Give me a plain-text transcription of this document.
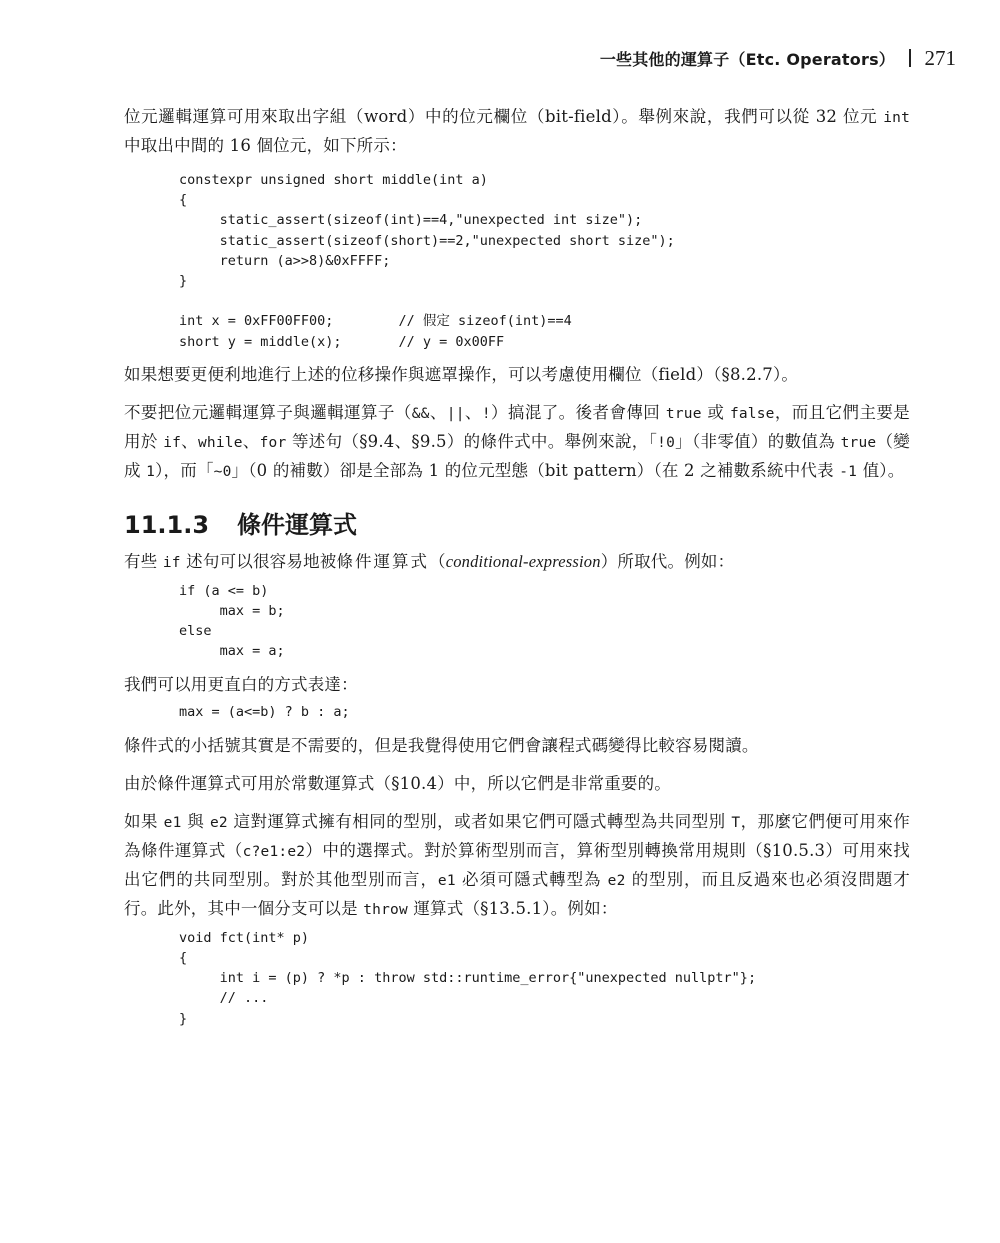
一些其他的運算子（Etc. Operators） 271

位元邏輯運算可用來取出字組（word）中的位元欄位（bit-field）。舉例來說，我們可以從 32 位元 int 中取出中間的 16 個位元，如下所示：

constexpr unsigned short middle(int a)
{
static_assert(sizeof(int)==4,"unexpected int size");
static_assert(sizeof(short)==2,"unexpected short size");
return (a>>8)&0xFFFF;
}

int x = 0xFF00FF00;        // 假定 sizeof(int)==4
short y = middle(x);       // y = 0x00FF

如果想要更便利地進行上述的位移操作與遮罩操作，可以考慮使用欄位（field）（§8.2.7）。

不要把位元邏輯運算子與邏輯運算子（&&、||、!）搞混了。後者會傳回 true 或 false，而且它們主要是用於 if、while、for 等述句（§9.4、§9.5）的條件式中。舉例來說，「!0」（非零值）的數值為 true（變成 1），而「~0」（0 的補數）卻是全部為 1 的位元型態（bit pattern）（在 2 之補數系統中代表 -1 值）。

11.1.3 條件運算式

有些 if 述句可以很容易地被條件運算式（conditional-expression）所取代。例如：

if (a <= b)
max = b;
else
max = a;

我們可以用更直白的方式表達：

max = (a<=b) ? b : a;

條件式的小括號其實是不需要的，但是我覺得使用它們會讓程式碼變得比較容易閱讀。

由於條件運算式可用於常數運算式（§10.4）中，所以它們是非常重要的。

如果 e1 與 e2 這對運算式擁有相同的型別，或者如果它們可隱式轉型為共同型別 T，那麼它們便可用來作為條件運算式（c?e1:e2）中的選擇式。對於算術型別而言，算術型別轉換常用規則（§10.5.3）可用來找出它們的共同型別。對於其他型別而言，e1 必須可隱式轉型為 e2 的型別，而且反過來也必須沒問題才行。此外，其中一個分支可以是 throw 運算式（§13.5.1）。例如：

void fct(int* p)
{
int i = (p) ? *p : throw std::runtime_error{"unexpected nullptr"};
// ...
}
